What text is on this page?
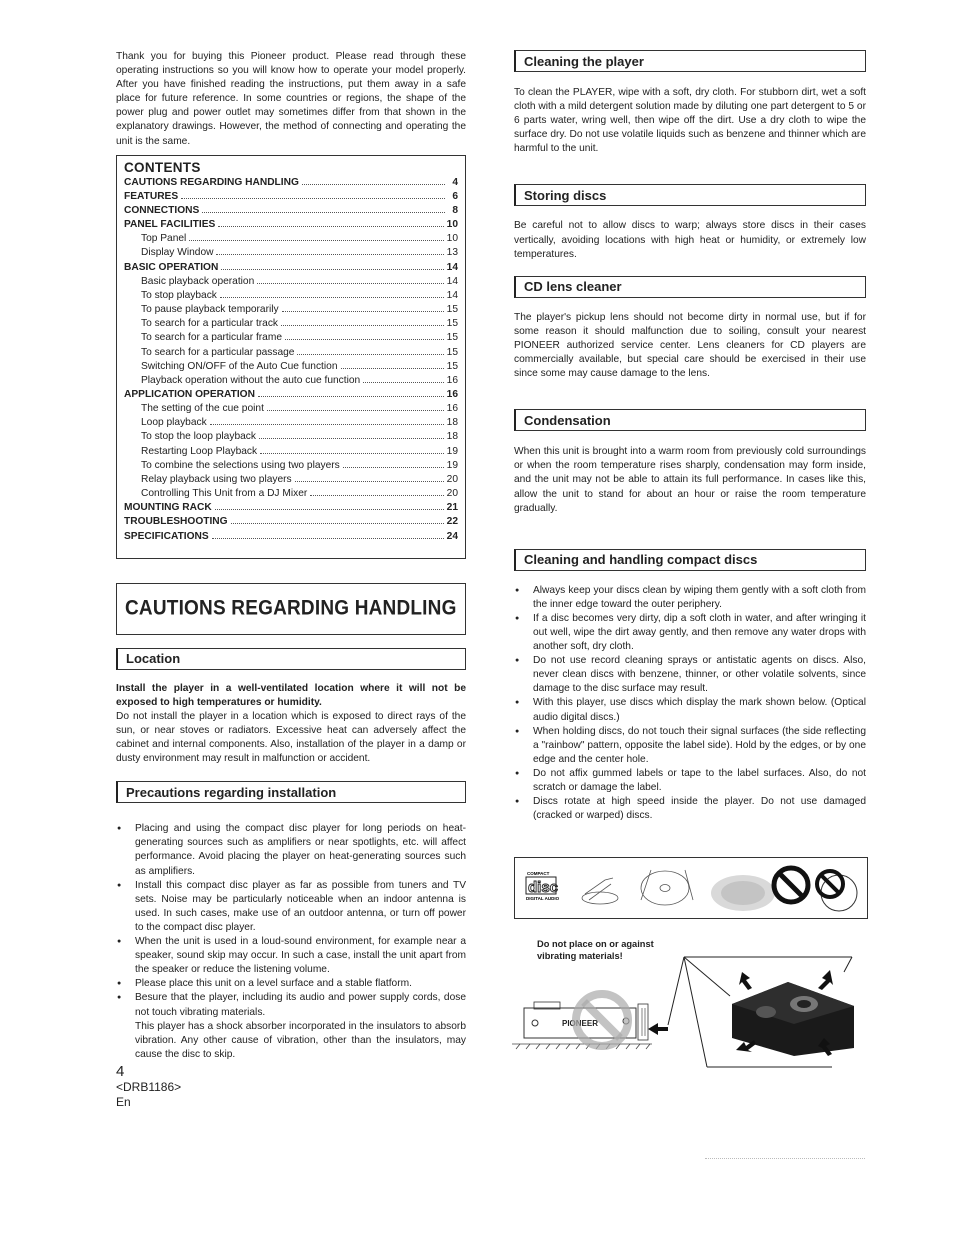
Thank you for buying this Pioneer product. Please read through these operating instructions so you will know how to operate your model properly. After you have finished reading the instructions, put them away in a safe place for future reference. In some countries or regions, the shape of the power plug and power outlet may sometimes differ from that shown in the explanatory drawings. However, the method of connecting and operating the unit is the same.

CONTENTS
CAUTIONS REGARDING HANDLING	4
FEATURES	6
CONNECTIONS	8
PANEL FACILITIES	10
Top Panel	10
Display Window	13
BASIC OPERATION	14
Basic playback operation	14
To stop playback	14
To pause playback temporarily	15
To search for a particular track	15
To search for a particular frame	15
To search for a particular passage	15
Switching ON/OFF of the Auto Cue function	15
Playback operation without the auto cue function	16
APPLICATION OPERATION	16
The setting of the cue point	16
Loop playback	18
To stop the loop playback	18
Restarting Loop Playback	19
To combine the selections using two players	19
Relay playback using two players	20
Controlling This Unit from a DJ Mixer	20
MOUNTING RACK	21
TROUBLESHOOTING	22
SPECIFICATIONS	24
CAUTIONS REGARDING HANDLING
Location

Install the player in a well-ventilated location where it will not be exposed to high temperatures or humidity.

Do not install the player in a location which is exposed to direct rays of the sun, or near stoves or radiators. Excessive heat can adversely affect the cabinet and internal components. Also, installation of the player in a damp or dusty environment may result in malfunction or accident.

Precautions regarding installation
● Placing and using the compact disc player for long periods on heat-generating sources such as amplifiers or near spotlights, etc. will affect performance. Avoid placing the player on heat-generating sources such as amplifiers.
● Install this compact disc player as far as possible from tuners and TV sets. Noise may be particularly noticeable when an indoor antenna is used. In such cases, make use of an outdoor antenna, or turn off power to the compact disc player.
● When the unit is used in a loud-sound environment, for example near a speaker, sound skip may occur. In such a case, install the unit apart from the speaker or reduce the listening volume.
● Please place this unit on a level surface and a stable flatform.
● Besure that the player, including its audio and power supply cords, dose not touch vibrating materials.
This player has a shock absorber incorporated in the insulators to absorb vibration. Any other cause of vibration, other than the insulators, may cause the disc to skip.
Cleaning the player

To clean the PLAYER, wipe with a soft, dry cloth. For stubborn dirt, wet a soft cloth with a mild detergent solution made by diluting one part detergent to 5 or 6 parts water, wring well, then wipe off the dirt. Use a dry cloth to wipe the surface dry. Do not use volatile liquids such as benzene and thinner which are harmful to the unit.

Storing discs

Be careful not to allow discs to warp; always store discs in their cases vertically, avoiding locations with high heat or humidity, or extremely low temperatures.

CD lens cleaner

The player's pickup lens should not become dirty in normal use, but if for some reason it should malfunction due to soiling, consult your nearest PIONEER authorized service center. Lens cleaners for CD players are commercially available, but special care should be exercised in their use since some may cause damage to the lens.

Condensation

When this unit is brought into a warm room from previously cold surroundings or when the room temperature rises sharply, condensation may form inside, and the unit may not be able to attain its full performance. In cases like this, allow the unit to stand for about an hour or raise the room temperature gradually.

Cleaning and handling compact discs
● Always keep your discs clean by wiping them gently with a soft cloth from the inner edge toward the outer periphery.
● If a disc becomes very dirty, dip a soft cloth in water, and after wringing it out well, wipe the dirt away gently, and then remove any water drops with another soft, dry cloth.
● Do not use record cleaning sprays or antistatic agents on discs. Also, never clean discs with benzene, thinner, or other volatile solvents, since damage to the disc surface may result.
● With this player, use discs which display the mark shown below. (Optical audio digital discs.)
● When holding discs, do not touch their signal surfaces (the side reflecting a "rainbow" pattern, opposite the label side). Hold by the edges, or by one edge and the center hole.
● Do not affix gummed labels or tape to the label surfaces. Also, do not scratch or damage the label.
● Discs rotate at high speed inside the player. Do not use damaged (cracked or warped) discs.
COMPACT
disc
DIGITAL AUDIO
Do not place on or against vibrating materials!
PIONEER
4
<DRB1186>
En
